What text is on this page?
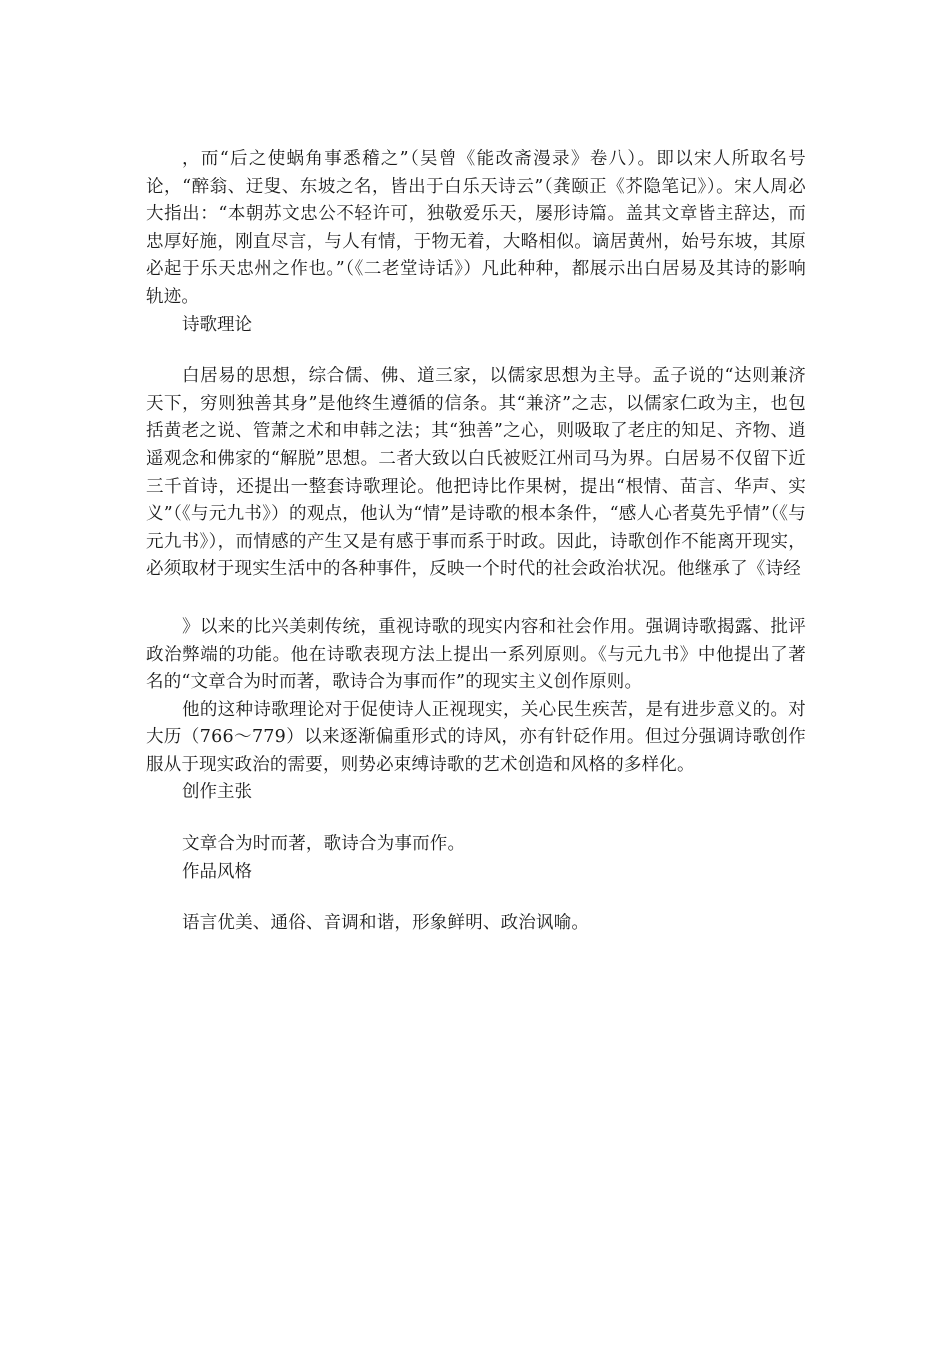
，而“后之使蜗角事悉稽之”（吴曾《能改斋漫录》卷八）。即以宋人所取名号论，“醉翁、迂叟、东坡之名，皆出于白乐天诗云”（龚颐正《芥隐笔记》）。宋人周必大指出：“本朝苏文忠公不轻许可，独敬爱乐天，屡形诗篇。盖其文章皆主辞达，而忠厚好施，刚直尽言，与人有情，于物无着，大略相似。谪居黄州，始号东坡，其原必起于乐天忠州之作也。”（《二老堂诗话》）凡此种种，都展示出白居易及其诗的影响轨迹。

诗歌理论

白居易的思想，综合儒、佛、道三家，以儒家思想为主导。孟子说的“达则兼济天下，穷则独善其身”是他终生遵循的信条。其“兼济”之志，以儒家仁政为主，也包括黄老之说、管萧之术和申韩之法；其“独善”之心，则吸取了老庄的知足、齐物、逍遥观念和佛家的“解脱”思想。二者大致以白氏被贬江州司马为界。白居易不仅留下近三千首诗，还提出一整套诗歌理论。他把诗比作果树，提出“根情、苗言、华声、实义”（《与元九书》）的观点，他认为“情”是诗歌的根本条件，“感人心者莫先乎情”（《与元九书》），而情感的产生又是有感于事而系于时政。因此，诗歌创作不能离开现实，必须取材于现实生活中的各种事件，反映一个时代的社会政治状况。他继承了《诗经

》以来的比兴美刺传统，重视诗歌的现实内容和社会作用。强调诗歌揭露、批评政治弊端的功能。他在诗歌表现方法上提出一系列原则。《与元九书》中他提出了著名的“文章合为时而著，歌诗合为事而作”的现实主义创作原则。

他的这种诗歌理论对于促使诗人正视现实，关心民生疾苦，是有进步意义的。对大历（766～779）以来逐渐偏重形式的诗风，亦有针砭作用。但过分强调诗歌创作服从于现实政治的需要，则势必束缚诗歌的艺术创造和风格的多样化。

创作主张

文章合为时而著，歌诗合为事而作。

作品风格

语言优美、通俗、音调和谐，形象鲜明、政治讽喻。
